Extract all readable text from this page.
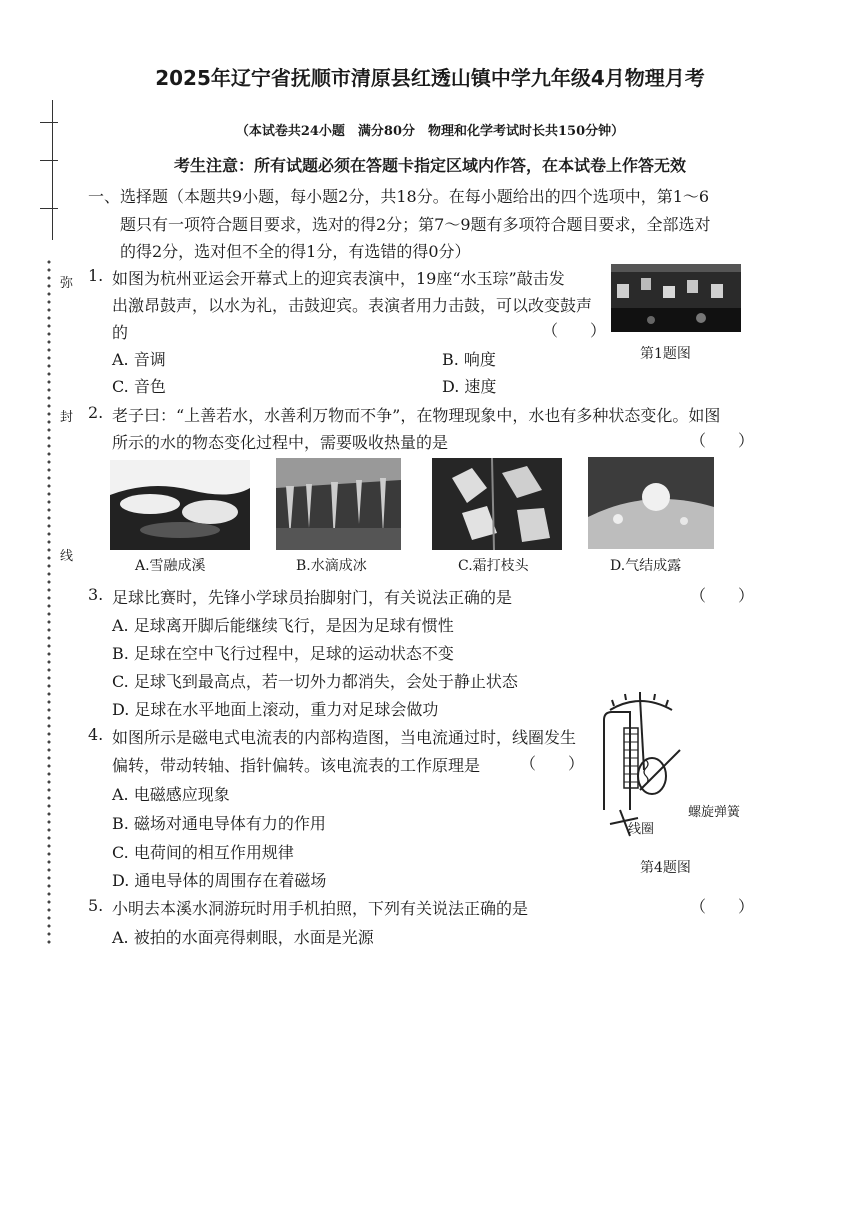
2025年辽宁省抚顺市清原县红透山镇中学九年级4月物理月考
（本试卷共24小题　满分80分　物理和化学考试时长共150分钟）
考生注意：所有试题必须在答题卡指定区域内作答，在本试卷上作答无效
弥
封
线
一、选择题（本题共9小题，每小题2分，共18分。在每小题给出的四个选项中，第1～6
题只有一项符合题目要求，选对的得2分；第7～9题有多项符合题目要求，全部选对
的得2分，选对但不全的得1分，有选错的得0分）
1. 如图为杭州亚运会开幕式上的迎宾表演中，19座“水玉琮”敲击发
出激昂鼓声，以水为礼，击鼓迎宾。表演者用力击鼓，可以改变鼓声
的	（　　）
A. 音调	B. 响度
C. 音色	D. 速度
第1题图
2. 老子曰：“上善若水，水善利万物而不争”，在物理现象中，水也有多种状态变化。如图
所示的水的物态变化过程中，需要吸收热量的是	（　　）
A.雪融成溪	B.水滴成冰	C.霜打枝头	D.气结成露
3. 足球比赛时，先锋小学球员抬脚射门，有关说法正确的是	（　　）
A. 足球离开脚后能继续飞行，是因为足球有惯性
B. 足球在空中飞行过程中，足球的运动状态不变
C. 足球飞到最高点，若一切外力都消失，会处于静止状态
D. 足球在水平地面上滚动，重力对足球会做功
4. 如图所示是磁电式电流表的内部构造图，当电流通过时，线圈发生
偏转，带动转轴、指针偏转。该电流表的工作原理是 （　　）
A. 电磁感应现象
B. 磁场对通电导体有力的作用
C. 电荷间的相互作用规律
D. 通电导体的周围存在着磁场
螺旋弹簧
线圈
第4题图
5. 小明去本溪水洞游玩时用手机拍照，下列有关说法正确的是	（　　）
A. 被拍的水面亮得刺眼，水面是光源
